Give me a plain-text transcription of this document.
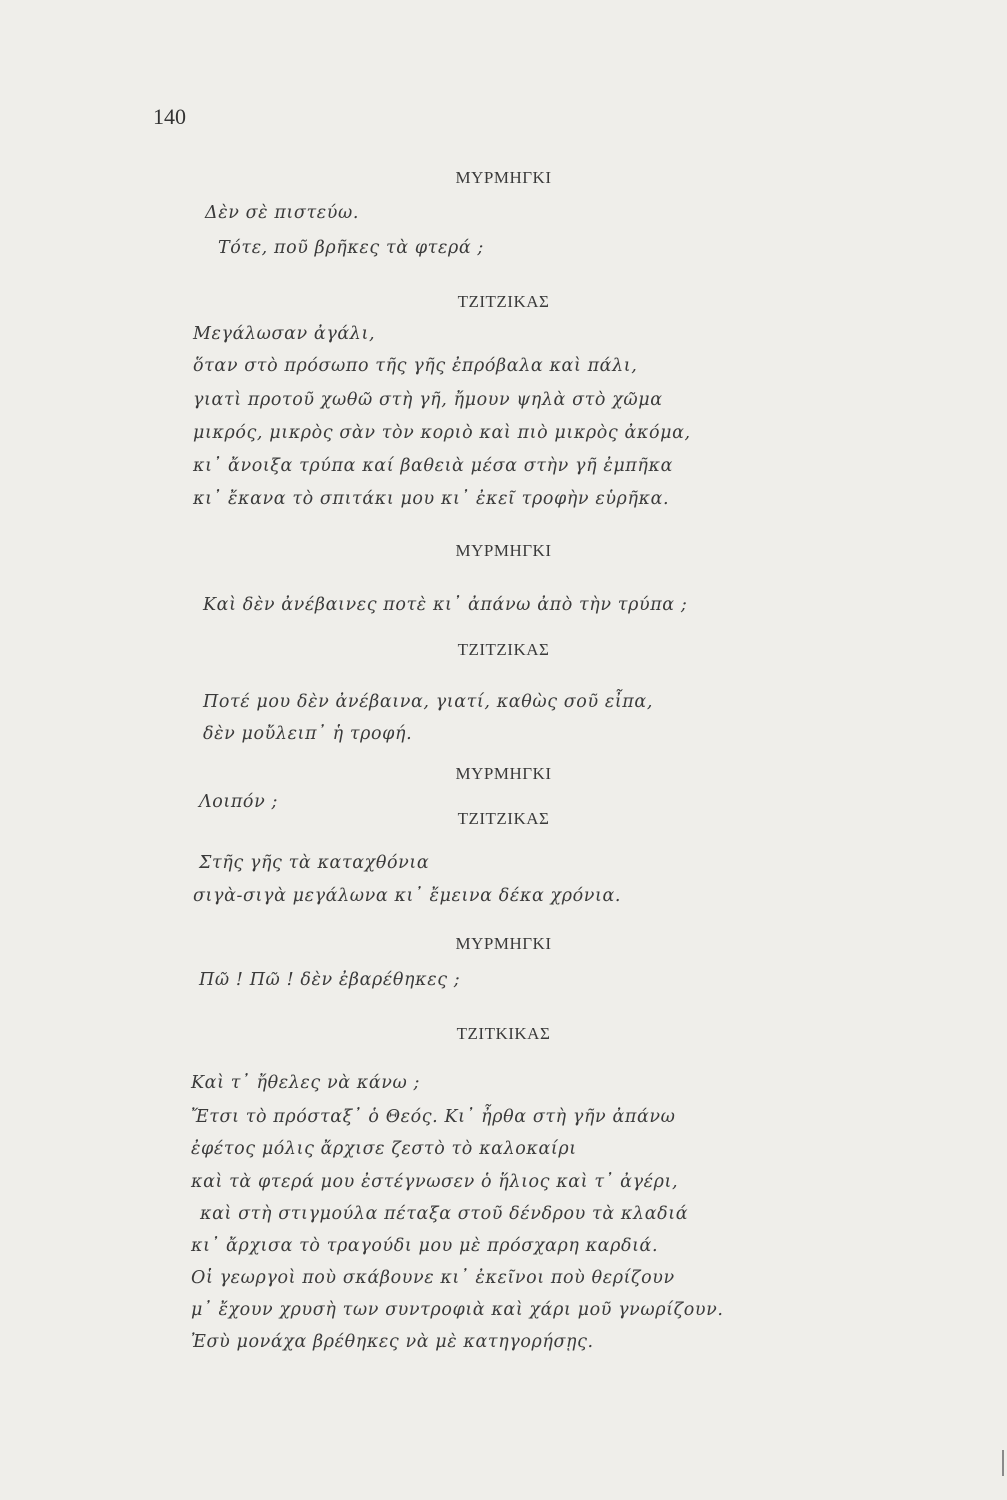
140
ΜΥΡΜΗΓΚΙ
Δὲν σὲ πιστεύω.
Τότε, ποῦ βρῆκες τὰ φτερά ;
ΤΖΙΤΖΙΚΑΣ
Μεγάλωσαν ἀγάλι,
ὅταν στὸ πρόσωπο τῆς γῆς ἐπρόβαλα καὶ πάλι,
γιατὶ προτοῦ χωθῶ στὴ γῆ, ἤμουν ψηλὰ στὸ χῶμα
μικρός, μικρὸς σὰν τὸν κοριὸ καὶ πιὸ μικρὸς ἀκόμα,
κι᾽ ἄνοιξα τρύπα καί βαθειὰ μέσα στὴν γῆ ἐμπῆκα
κι᾽ ἔκανα τὸ σπιτάκι μου κι᾽ ἐκεῖ τροφὴν εὑρῆκα.
ΜΥΡΜΗΓΚΙ
Καὶ δὲν ἀνέβαινες ποτὲ κι᾽ ἀπάνω ἀπὸ τὴν τρύπα ;
ΤΖΙΤΖΙΚΑΣ
Ποτέ μου δὲν ἀνέβαινα, γιατί, καθὼς σοῦ εἶπα,
δὲν μοὔλειπ᾽ ἡ τροφή.
ΜΥΡΜΗΓΚΙ
Λοιπόν ;
ΤΖΙΤΖΙΚΑΣ
Στῆς γῆς τὰ καταχθόνια
σιγὰ-σιγὰ μεγάλωνα κι᾽ ἔμεινα δέκα χρόνια.
ΜΥΡΜΗΓΚΙ
Πῶ ! Πῶ ! δὲν ἐβαρέθηκες ;
ΤΖΙΤΚΙΚΑΣ
Καὶ τ᾽ ἤθελες νὰ κάνω ;
Ἔτσι τὸ πρόσταξ᾽ ὁ Θεός. Κι᾽ ἦρθα στὴ γῆν ἀπάνω
ἐφέτος μόλις ἄρχισε ζεστὸ τὸ καλοκαίρι
καὶ τὰ φτερά μου ἐστέγνωσεν ὁ ἥλιος καὶ τ᾽ ἀγέρι,
καὶ στὴ στιγμούλα πέταξα στοῦ δένδρου τὰ κλαδιά
κι᾽ ἄρχισα τὸ τραγούδι μου μὲ πρόσχαρη καρδιά.
Οἱ γεωργοὶ ποὺ σκάβουνε κι᾽ ἐκεῖνοι ποὺ θερίζουν
μ᾽ ἔχουν χρυσὴ των συντροφιὰ καὶ χάρι μοῦ γνωρίζουν.
Ἐσὺ μονάχα βρέθηκες νὰ μὲ κατηγορήσῃς.
